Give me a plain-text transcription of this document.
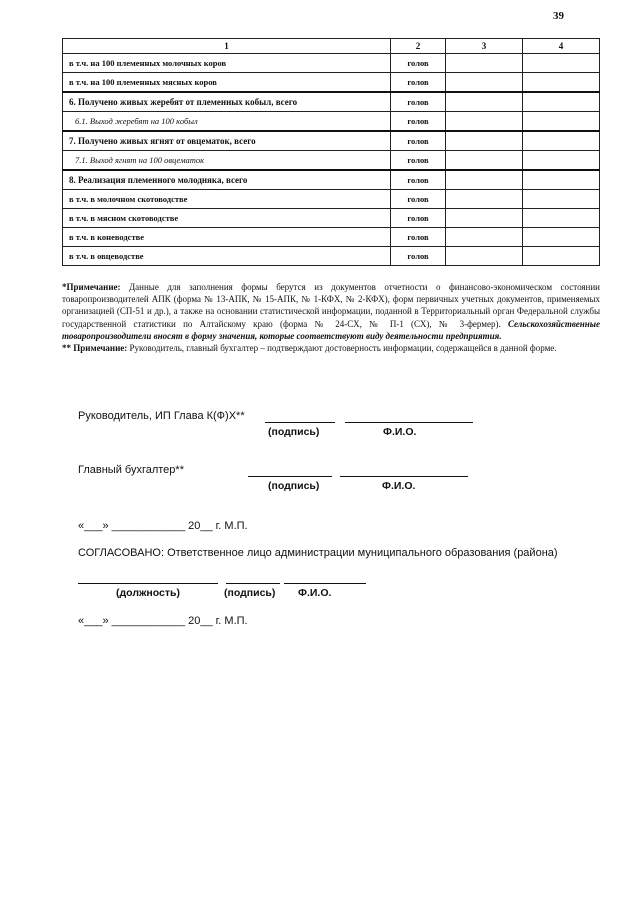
39
1	2	3	4
в т.ч. на 100 племенных молочных коров	голов		
в т.ч. на 100 племенных мясных коров	голов		
6. Получено живых жеребят от племенных кобыл, всего	голов		
6.1. Выход жеребят на 100 кобыл	голов		
7. Получено живых ягнят от овцематок, всего	голов		
7.1. Выход ягнят на 100 овцематок	голов		
8. Реализация племенного молодняка, всего	голов		
в т.ч. в молочном скотоводстве	голов		
в т.ч. в мясном скотоводстве	голов		
в т.ч. в коневодстве	голов		
в т.ч. в овцеводстве	голов		

*Примечание: Данные для заполнения формы берутся из документов отчетности о финансово-экономическом состоянии товаропроизводителей АПК (форма № 13-АПК, № 15-АПК, № 1-КФХ, № 2-КФХ), форм первичных учетных документов, применяемых организацией (СП-51 и др.), а также на основании статистической информации, поданной в Территориальный орган Федеральной службы государственной статистики по Алтайскому краю (форма № 24-СХ, № П-1 (СХ), № 3-фермер). Сельскохозяйственные товаропроизводители вносят в форму значения, которые соответствуют виду деятельности предприятия.

** Примечание: Руководитель, главный бухгалтер – подтверждают достоверность информации, содержащейся в данной форме.

Руководитель, ИП Глава К(Ф)Х**
(подпись)	Ф.И.О.
Главный бухгалтер**
(подпись)	Ф.И.О.
«___» ____________ 20__ г. М.П.
СОГЛАСОВАНО: Ответственное лицо администрации муниципального образования (района)
(должность)	(подпись) Ф.И.О.
«___» ____________ 20__ г. М.П.
